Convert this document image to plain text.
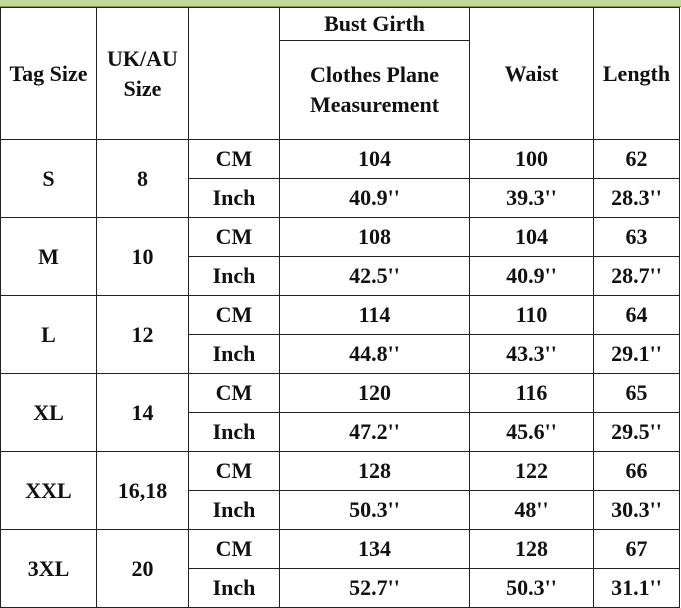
Tag Size	UK/AU Size		Bust Girth	Waist	Length
			Clothes Plane Measurement		
S	8	CM	104	100	62
		Inch	40.9''	39.3''	28.3''
M	10	CM	108	104	63
		Inch	42.5''	40.9''	28.7''
L	12	CM	114	110	64
		Inch	44.8''	43.3''	29.1''
XL	14	CM	120	116	65
		Inch	47.2''	45.6''	29.5''
XXL	16,18	CM	128	122	66
		Inch	50.3''	48''	30.3''
3XL	20	CM	134	128	67
		Inch	52.7''	50.3''	31.1''
